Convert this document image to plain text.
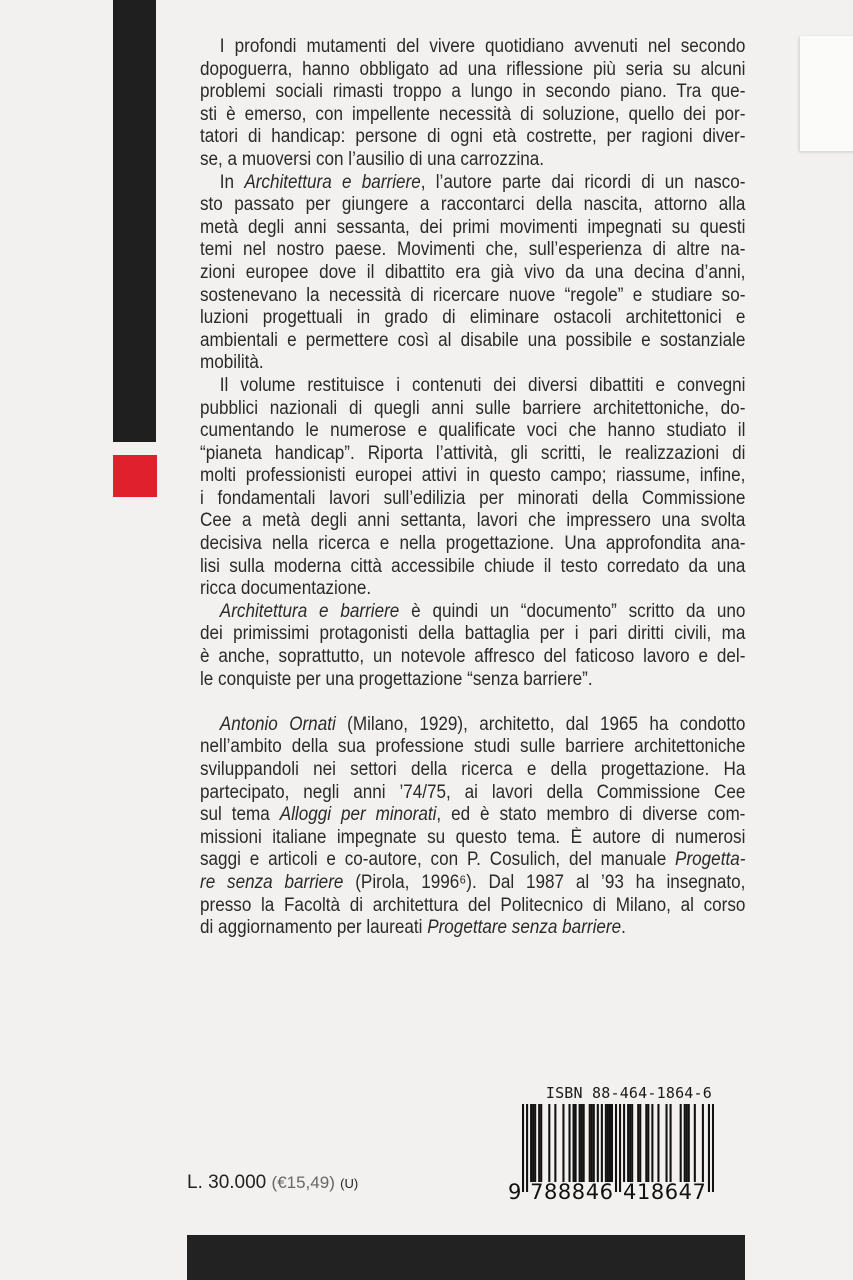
I profondi mutamenti del vivere quotidiano avvenuti nel secondo
dopoguerra, hanno obbligato ad una riflessione più seria su alcuni
problemi sociali rimasti troppo a lungo in secondo piano. Tra que-
sti è emerso, con impellente necessità di soluzione, quello dei por-
tatori di handicap: persone di ogni età costrette, per ragioni diver-
se, a muoversi con l’ausilio di una carrozzina.
In Architettura e barriere, l’autore parte dai ricordi di un nasco-
sto passato per giungere a raccontarci della nascita, attorno alla
metà degli anni sessanta, dei primi movimenti impegnati su questi
temi nel nostro paese. Movimenti che, sull’esperienza di altre na-
zioni europee dove il dibattito era già vivo da una decina d’anni,
sostenevano la necessità di ricercare nuove “regole” e studiare so-
luzioni progettuali in grado di eliminare ostacoli architettonici e
ambientali e permettere così al disabile una possibile e sostanziale
mobilità.
Il volume restituisce i contenuti dei diversi dibattiti e convegni
pubblici nazionali di quegli anni sulle barriere architettoniche, do-
cumentando le numerose e qualificate voci che hanno studiato il
“pianeta handicap”. Riporta l’attività, gli scritti, le realizzazioni di
molti professionisti europei attivi in questo campo; riassume, infine,
i fondamentali lavori sull’edilizia per minorati della Commissione
Cee a metà degli anni settanta, lavori che impressero una svolta
decisiva nella ricerca e nella progettazione. Una approfondita ana-
lisi sulla moderna città accessibile chiude il testo corredato da una
ricca documentazione.
Architettura e barriere è quindi un “documento” scritto da uno
dei primissimi protagonisti della battaglia per i pari diritti civili, ma
è anche, soprattutto, un notevole affresco del faticoso lavoro e del-
le conquiste per una progettazione “senza barriere”.
Antonio Ornati (Milano, 1929), architetto, dal 1965 ha condotto
nell’ambito della sua professione studi sulle barriere architettoniche
sviluppandoli nei settori della ricerca e della progettazione. Ha
partecipato, negli anni ’74/75, ai lavori della Commissione Cee
sul tema Alloggi per minorati, ed è stato membro di diverse com-
missioni italiane impegnate su questo tema. È autore di numerosi
saggi e articoli e co-autore, con P. Cosulich, del manuale Progetta-
re senza barriere (Pirola, 1996⁶). Dal 1987 al ’93 ha insegnato,
presso la Facoltà di architettura del Politecnico di Milano, al corso
di aggiornamento per laureati Progettare senza barriere.
ISBN 88-464-1864-6
9 788846 418647
L. 30.000 (€15,49) (U)
